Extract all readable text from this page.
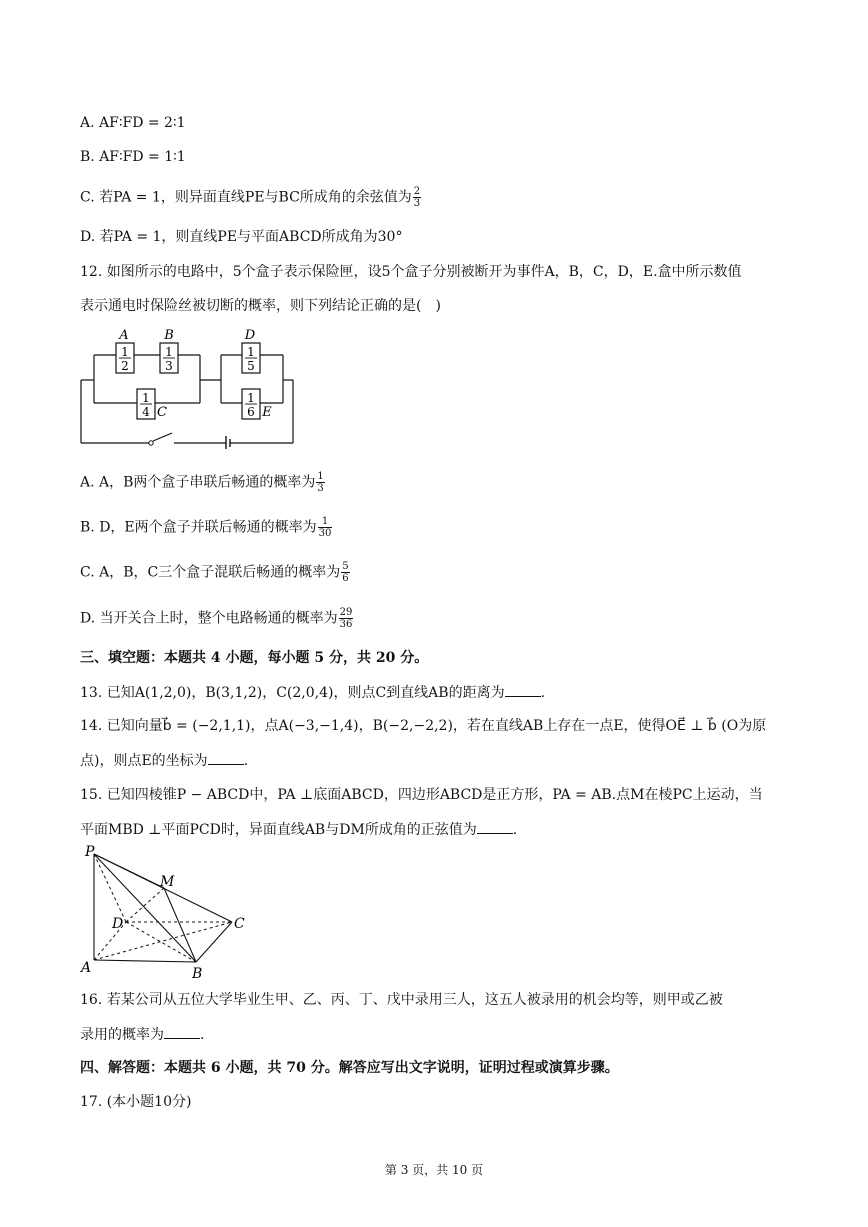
A. AF∶FD = 2∶1
B. AF∶FD = 1∶1
C. 若PA = 1，则异面直线PE与BC所成角的余弦值为 $\frac{2}{3}$
D. 若PA = 1，则直线PE与平面ABCD所成角为30°
12. 如图所示的电路中，5个盒子表示保险匣，设5个盒子分别被断开为事件A，B，C，D，E.盒中所示数值
表示通电时保险丝被切断的概率，则下列结论正确的是(　)
1
2
A
1
3
B
1
4 C
1
5
D
1
6 E
A. A，B两个盒子串联后畅通的概率为 $\frac{1}{3}$
B. D，E两个盒子并联后畅通的概率为 $\frac{1}{30}$
C. A，B，C三个盒子混联后畅通的概率为 $\frac{5}{6}$
D. 当开关合上时，整个电路畅通的概率为 $\frac{29}{36}$
三、填空题：本题共 4 小题，每小题 5 分，共 20 分。
13. 已知A(1,2,0)，B(3,1,2)，C(2,0,4)，则点C到直线AB的距离为	.
14. 已知向量b⃗ = (−2,1,1)，点A(−3,−1,4)，B(−2,−2,2)，若在直线AB上存在一点E，使得OE⃗ ⊥ b⃗ (O为原
点)，则点E的坐标为	.
15. 已知四棱锥P − ABCD中，PA ⊥底面ABCD，四边形ABCD是正方形，PA = AB.点M在棱PC上运动，当
平面MBD ⊥平面PCD时，异面直线AB与DM所成角的正弦值为	.
P
M
D	C
A	B
16. 若某公司从五位大学毕业生甲、乙、丙、丁、戊中录用三人，这五人被录用的机会均等，则甲或乙被
录用的概率为	.
四、解答题：本题共 6 小题，共 70 分。解答应写出文字说明，证明过程或演算步骤。
17. (本小题10分)
第 3 页，共 10 页
